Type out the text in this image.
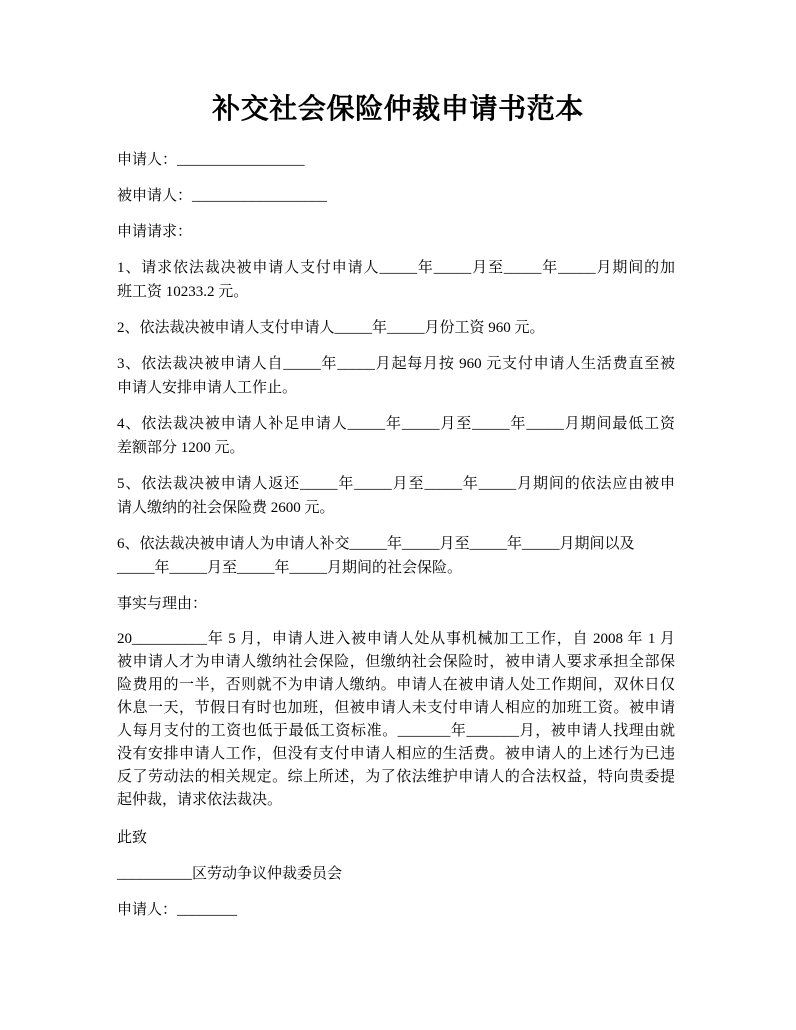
补交社会保险仲裁申请书范本
申请人：_________________
被申请人：__________________
申请请求：
1、请求依法裁决被申请人支付申请人_____年_____月至_____年_____月期间的加
班工资 10233.2 元。
2、依法裁决被申请人支付申请人_____年_____月份工资 960 元。
3、依法裁决被申请人自_____年_____月起每月按 960 元支付申请人生活费直至被
申请人安排申请人工作止。
4、依法裁决被申请人补足申请人_____年_____月至_____年_____月期间最低工资
差额部分 1200 元。
5、依法裁决被申请人返还_____年_____月至_____年_____月期间的依法应由被申
请人缴纳的社会保险费 2600 元。
6、依法裁决被申请人为申请人补交_____年_____月至_____年_____月期间以及
_____年_____月至_____年_____月期间的社会保险。
事实与理由：
20__________年 5 月，申请人进入被申请人处从事机械加工工作，自 2008 年 1 月
被申请人才为申请人缴纳社会保险，但缴纳社会保险时，被申请人要求承担全部保
险费用的一半，否则就不为申请人缴纳。申请人在被申请人处工作期间，双休日仅
休息一天，节假日有时也加班，但被申请人未支付申请人相应的加班工资。被申请
人每月支付的工资也低于最低工资标准。_______年_______月，被申请人找理由就
没有安排申请人工作，但没有支付申请人相应的生活费。被申请人的上述行为已违
反了劳动法的相关规定。综上所述，为了依法维护申请人的合法权益，特向贵委提
起仲裁，请求依法裁决。
此致
__________区劳动争议仲裁委员会
申请人：________
